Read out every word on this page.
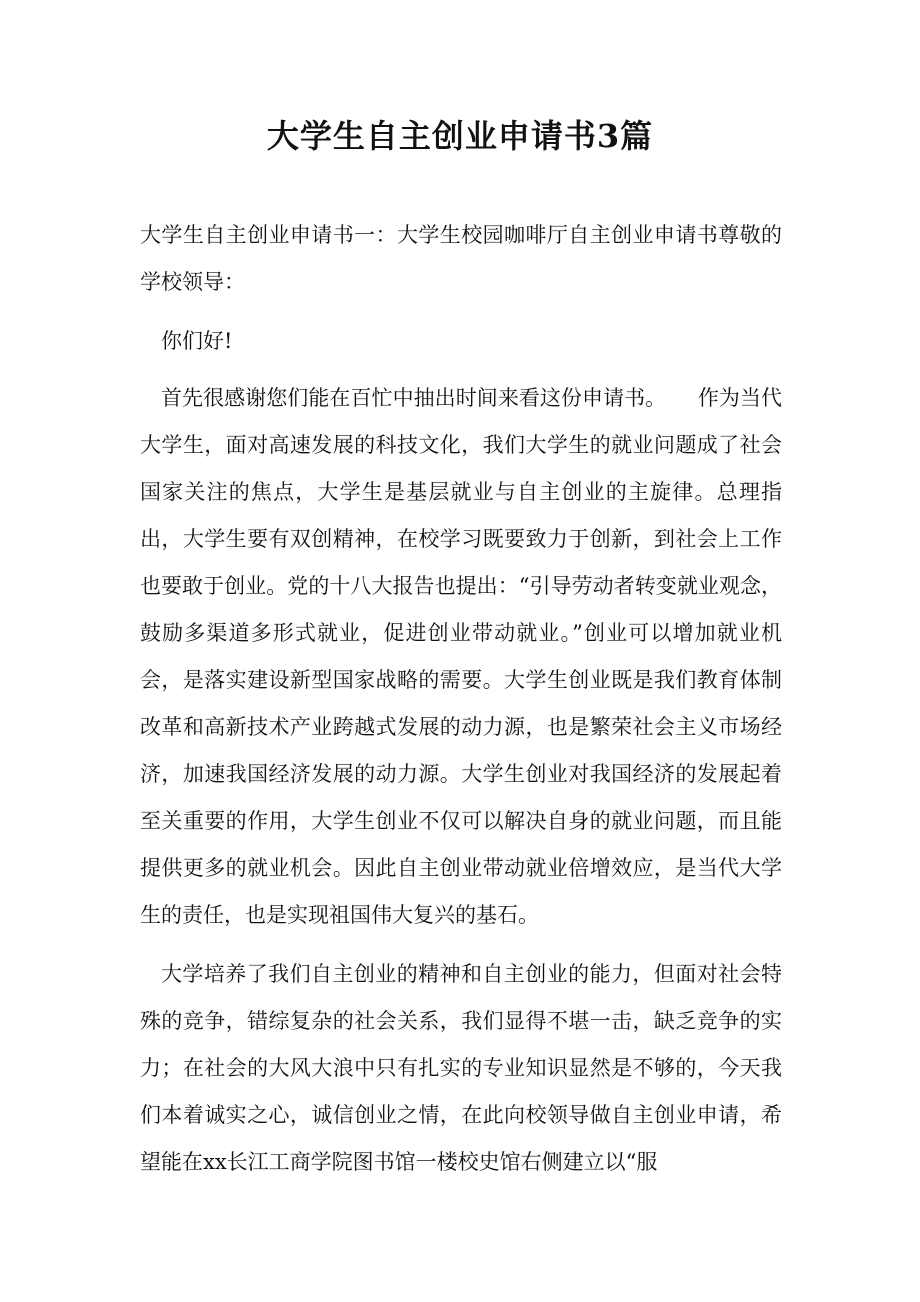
大学生自主创业申请书3篇

大学生自主创业申请书一：大学生校园咖啡厅自主创业申请书尊敬的学校领导：

你们好!

首先很感谢您们能在百忙中抽出时间来看这份申请书。　　作为当代大学生，面对高速发展的科技文化，我们大学生的就业问题成了社会国家关注的焦点，大学生是基层就业与自主创业的主旋律。总理指出，大学生要有双创精神，在校学习既要致力于创新，到社会上工作也要敢于创业。党的十八大报告也提出：“引导劳动者转变就业观念，鼓励多渠道多形式就业，促进创业带动就业。”创业可以增加就业机会，是落实建设新型国家战略的需要。大学生创业既是我们教育体制改革和高新技术产业跨越式发展的动力源，也是繁荣社会主义市场经济，加速我国经济发展的动力源。大学生创业对我国经济的发展起着至关重要的作用，大学生创业不仅可以解决自身的就业问题，而且能提供更多的就业机会。因此自主创业带动就业倍增效应，是当代大学生的责任，也是实现祖国伟大复兴的基石。

大学培养了我们自主创业的精神和自主创业的能力，但面对社会特殊的竞争，错综复杂的社会关系，我们显得不堪一击，缺乏竞争的实力；在社会的大风大浪中只有扎实的专业知识显然是不够的，今天我们本着诚实之心，诚信创业之情，在此向校领导做自主创业申请，希望能在xx长江工商学院图书馆一楼校史馆右侧建立以“服
